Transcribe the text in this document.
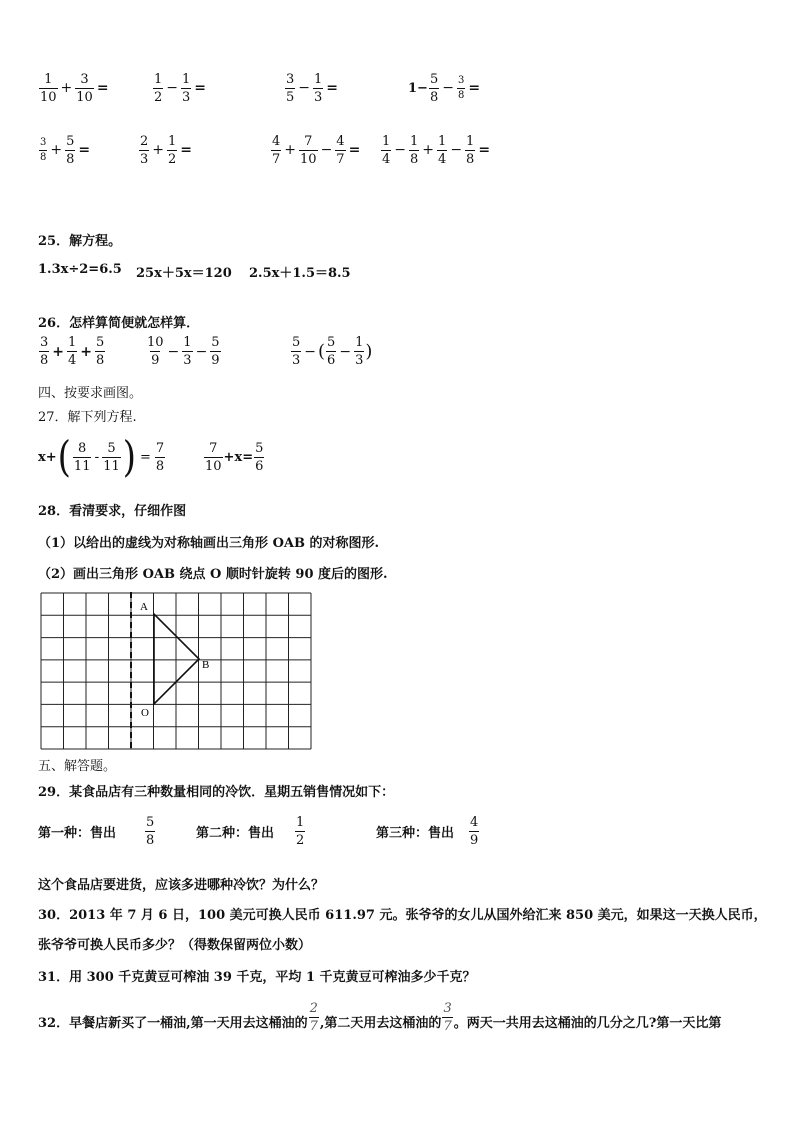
$\frac{1}{10} + \frac{3}{10}$ =	$\frac{1}{2} - \frac{1}{3}$ =	$\frac{3}{5} - \frac{1}{3}$ =	$1- \frac{5}{8} - \frac{3}{8}$ =
$\frac{3}{8} + \frac{5}{8}$ =	$\frac{2}{3} + \frac{1}{2}$ =	$\frac{4}{7} + \frac{7}{10} - \frac{4}{7} = \frac{1}{4} - \frac{1}{8} + \frac{1}{4} - \frac{1}{8}$ =
25．解方程。
1.3x÷2=6.5 25x＋5x＝120 2.5x＋1.5＝8.5
26．怎样算简便就怎样算．
$\frac{3}{8} + \frac{1}{4} + \frac{5}{8}$	$\frac{10}{9} - \frac{1}{3} - \frac{5}{9}$	$\frac{5}{3}$ − ( $\frac{5}{6} - \frac{1}{3}$ )
四、按要求画图。
27．解下列方程.
x+ ( $\frac{8}{11} - \frac{5}{11}$ ) = $\frac{7}{8}$	$\frac{7}{10} +x= \frac{5}{6}$
28．看清要求，仔细作图
（1）以给出的虚线为对称轴画出三角形 OAB 的对称图形.
（2）画出三角形 OAB 绕点 O 顺时针旋转 90 度后的图形.
A
B
O
五、解答题。
29．某食品店有三种数量相同的冷饮．星期五销售情况如下：
第一种：售出 $\frac{5}{8}$	第二种：售出 $\frac{1}{2}$	第三种：售出 $\frac{4}{9}$
这个食品店要进货，应该多进哪种冷饮？为什么？
30．2013 年 7 月 6 日，100 美元可换人民币 611.97 元。张爷爷的女儿从国外给汇来 850 美元，如果这一天换人民币，
张爷爷可换人民币多少？（得数保留两位小数）
31．用 300 千克黄豆可榨油 39 千克，平均 1 千克黄豆可榨油多少千克？
32．早餐店新买了一桶油,第一天用去这桶油的 $\frac{2}{7}$ ,第二天用去这桶油的 $\frac{3}{7}$ 。两天一共用去这桶油的几分之几?第一天比第
